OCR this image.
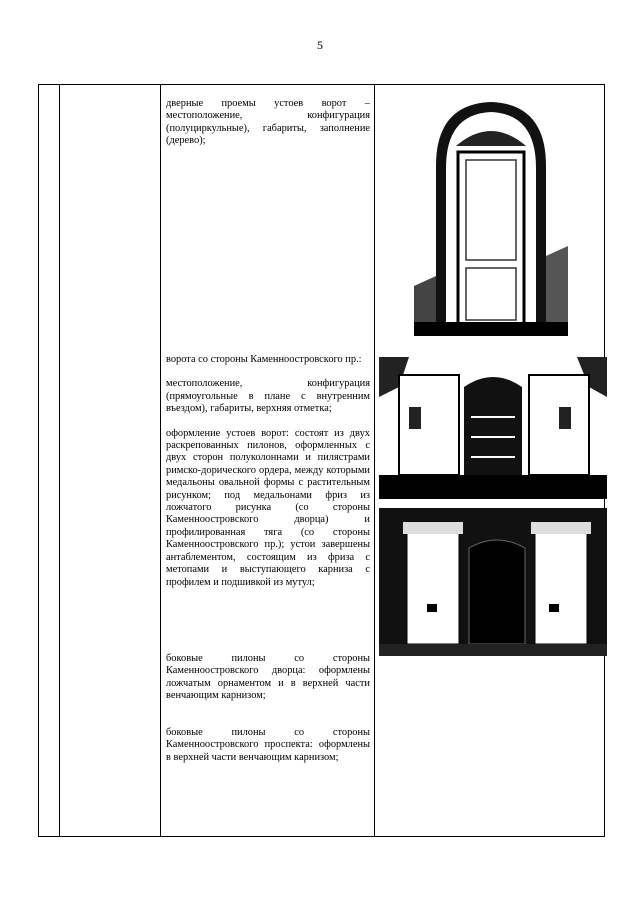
5

дверные проемы устоев ворот – местоположение, конфигурация (полуциркульные), габариты, заполнение (дерево);

ворота со стороны Каменноостровского пр.:

местоположение, конфигурация (прямоугольные в плане с внутренним въездом), габариты, верхняя отметка;

оформление устоев ворот: состоят из двух раскрепованных пилонов, оформленных с двух сторон полуколоннами и пилястрами римско-дорического ордера, между которыми медальоны овальной формы с растительным рисунком; под медальонами фриз из ложчатого рисунка (со стороны Каменноостровского дворца) и профилированная тяга (со стороны Каменноостровского пр.); устои завершены антаблементом, состоящим из фриза с метопами и выступающего карниза с профилем и подшивкой из мутул;

боковые пилоны со стороны Каменноостровского дворца: оформлены ложчатым орнаментом и в верхней части венчающим карнизом;

боковые пилоны со стороны Каменноостровского проспекта: оформлены в верхней части венчающим карнизом;
